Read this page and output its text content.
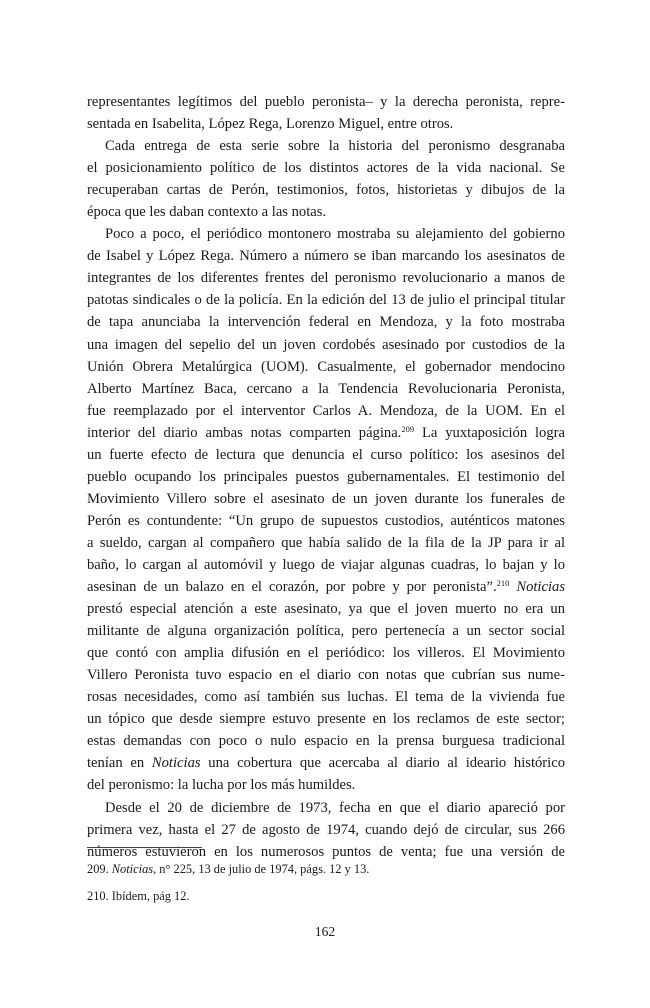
representantes legítimos del pueblo peronista– y la derecha peronista, repre-
sentada en Isabelita, López Rega, Lorenzo Miguel, entre otros.
Cada entrega de esta serie sobre la historia del peronismo desgranaba
el posicionamiento político de los distintos actores de la vida nacional. Se
recuperaban cartas de Perón, testimonios, fotos, historietas y dibujos de la
época que les daban contexto a las notas.
Poco a poco, el periódico montonero mostraba su alejamiento del gobierno
de Isabel y López Rega. Número a número se iban marcando los asesinatos de
integrantes de los diferentes frentes del peronismo revolucionario a manos de
patotas sindicales o de la policía. En la edición del 13 de julio el principal titular
de tapa anunciaba la intervención federal en Mendoza, y la foto mostraba
una imagen del sepelio del un joven cordobés asesinado por custodios de la
Unión Obrera Metalúrgica (UOM). Casualmente, el gobernador mendocino
Alberto Martínez Baca, cercano a la Tendencia Revolucionaria Peronista,
fue reemplazado por el interventor Carlos A. Mendoza, de la UOM. En el
interior del diario ambas notas comparten página.$^{209}$ La yuxtaposición logra
un fuerte efecto de lectura que denuncia el curso político: los asesinos del
pueblo ocupando los principales puestos gubernamentales. El testimonio del
Movimiento Villero sobre el asesinato de un joven durante los funerales de
Perón es contundente: “Un grupo de supuestos custodios, auténticos matones
a sueldo, cargan al compañero que había salido de la fila de la JP para ir al
baño, lo cargan al automóvil y luego de viajar algunas cuadras, lo bajan y lo
asesinan de un balazo en el corazón, por pobre y por peronista”.$^{210}$ Noticias
prestó especial atención a este asesinato, ya que el joven muerto no era un
militante de alguna organización política, pero pertenecía a un sector social
que contó con amplia difusión en el periódico: los villeros. El Movimiento
Villero Peronista tuvo espacio en el diario con notas que cubrían sus nume-
rosas necesidades, como así también sus luchas. El tema de la vivienda fue
un tópico que desde siempre estuvo presente en los reclamos de este sector;
estas demandas con poco o nulo espacio en la prensa burguesa tradicional
tenían en Noticias una cobertura que acercaba al diario al ideario histórico
del peronismo: la lucha por los más humildes.
Desde el 20 de diciembre de 1973, fecha en que el diario apareció por
primera vez, hasta el 27 de agosto de 1974, cuando dejó de circular, sus 266
números estuvieron en los numerosos puntos de venta; fue una versión de
209. Noticias, n° 225, 13 de julio de 1974, págs. 12 y 13.
210. Ibídem, pág 12.
162
